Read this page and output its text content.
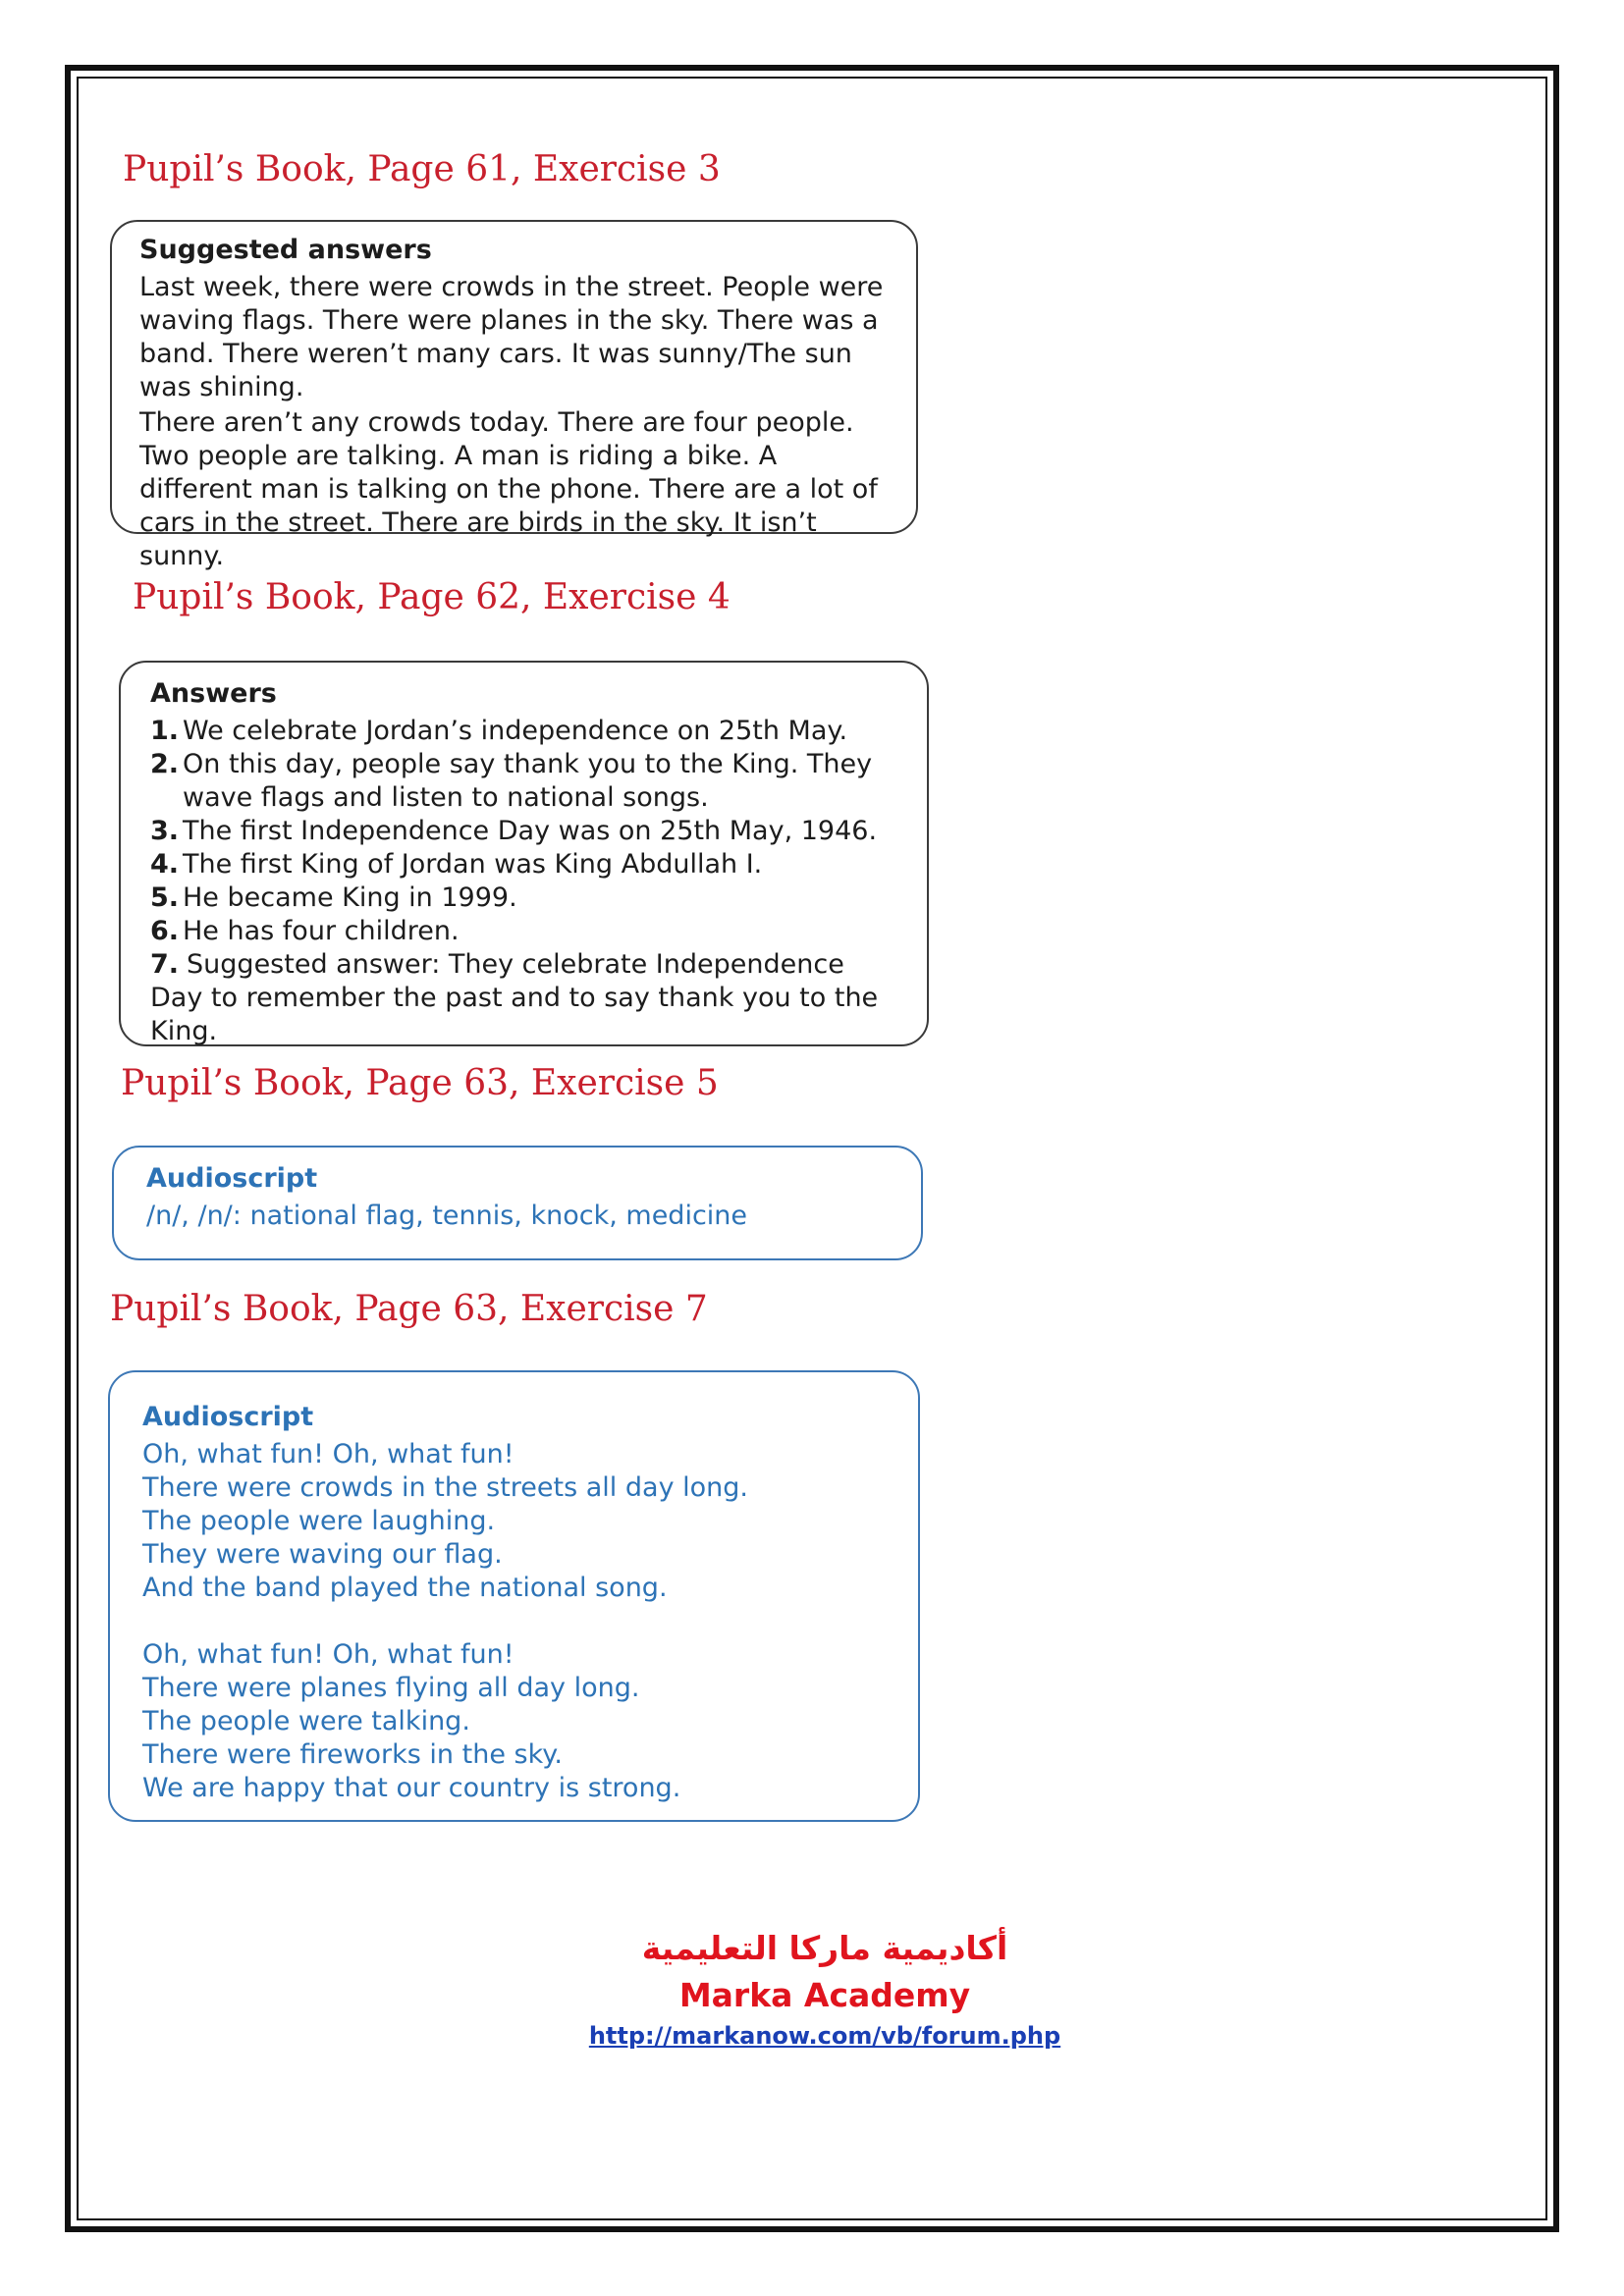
Pupil’s Book, Page 61, Exercise 3
Suggested answers

Last week, there were crowds in the street. People were waving flags. There were planes in the sky. There was a band. There weren’t many cars. It was sunny/The sun was shining.

There aren’t any crowds today. There are four people. Two people are talking. A man is riding a bike. A different man is talking on the phone. There are a lot of cars in the street. There are birds in the sky. It isn’t sunny.

Pupil’s Book, Page 62, Exercise 4
Answers
1. We celebrate Jordan’s independence on 25th May.
2. On this day, people say thank you to the King. They wave flags and listen to national songs.
3. The first Independence Day was on 25th May, 1946.
4. The first King of Jordan was King Abdullah I.
5. He became King in 1999.
6. He has four children.
7. Suggested answer: They celebrate Independence Day to remember the past and to say thank you to the King.
Pupil’s Book, Page 63, Exercise 5
Audioscript

/n/, /n/: national flag, tennis, knock, medicine

Pupil’s Book, Page 63, Exercise 7
Audioscript

Oh, what fun! Oh, what fun!

There were crowds in the streets all day long.

The people were laughing.

They were waving our flag.

And the band played the national song.

Oh, what fun! Oh, what fun!

There were planes flying all day long.

The people were talking.

There were fireworks in the sky.

We are happy that our country is strong.

أكاديمية ماركا التعليمية
Marka Academy
http://markanow.com/vb/forum.php
